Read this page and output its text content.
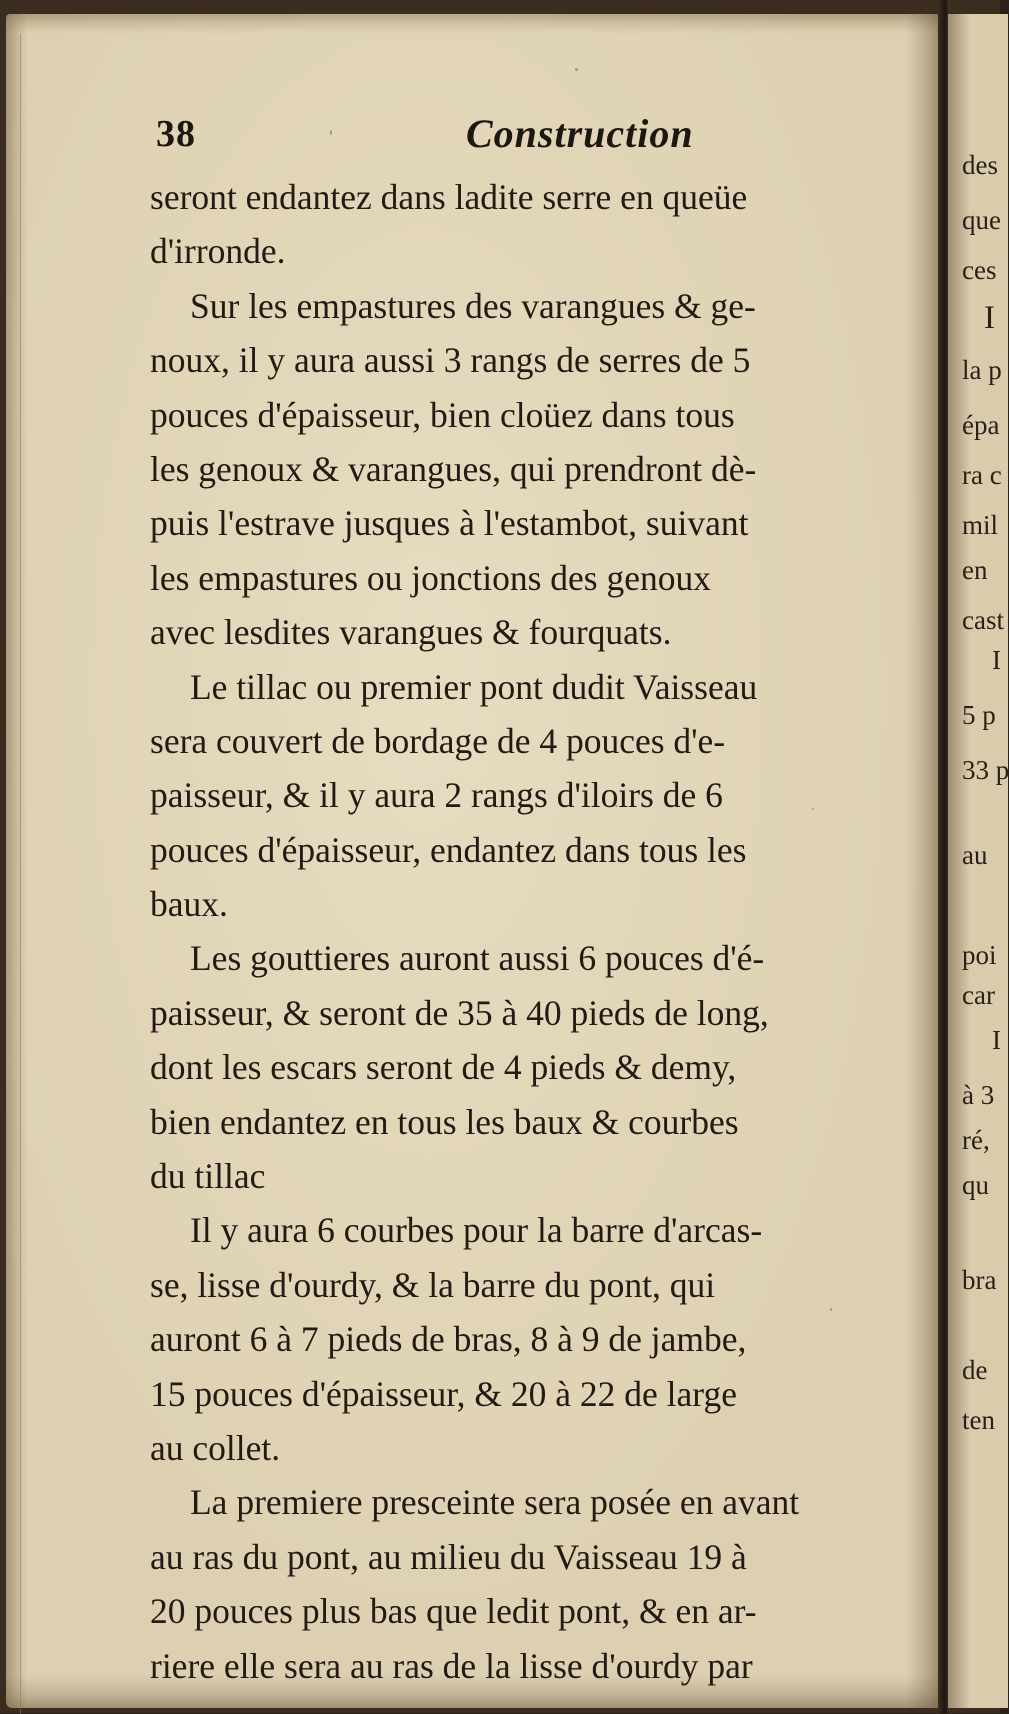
38	Construction
seront endantez dans ladite serre en queüe
d'irronde.
Sur les empastures des varangues & ge-
noux, il y aura aussi 3 rangs de serres de 5
pouces d'épaisseur, bien cloüez dans tous
les genoux & varangues, qui prendront dè-
puis l'estrave jusques à l'estambot, suivant
les empastures ou jonctions des genoux
avec lesdites varangues & fourquats.
Le tillac ou premier pont dudit Vaisseau
sera couvert de bordage de 4 pouces d'e-
paisseur, & il y aura 2 rangs d'iloirs de 6
pouces d'épaisseur, endantez dans tous les
baux.
Les gouttieres auront aussi 6 pouces d'é-
paisseur, & seront de 35 à 40 pieds de long,
dont les escars seront de 4 pieds & demy,
bien endantez en tous les baux & courbes
du tillac
Il y aura 6 courbes pour la barre d'arcas-
se, lisse d'ourdy, & la barre du pont, qui
auront 6 à 7 pieds de bras, 8 à 9 de jambe,
15 pouces d'épaisseur, & 20 à 22 de large
au collet.
La premiere presceinte sera posée en avant
au ras du pont, au milieu du Vaisseau 19 à
20 pouces plus bas que ledit pont, & en ar-
riere elle sera au ras de la lisse d'ourdy par
des
que
ces
I
la p
épa
ra c
mil
en
cast
I
5 p
33 p
au
poi
car
I
à 3
ré,
qu
bra
de
ten
